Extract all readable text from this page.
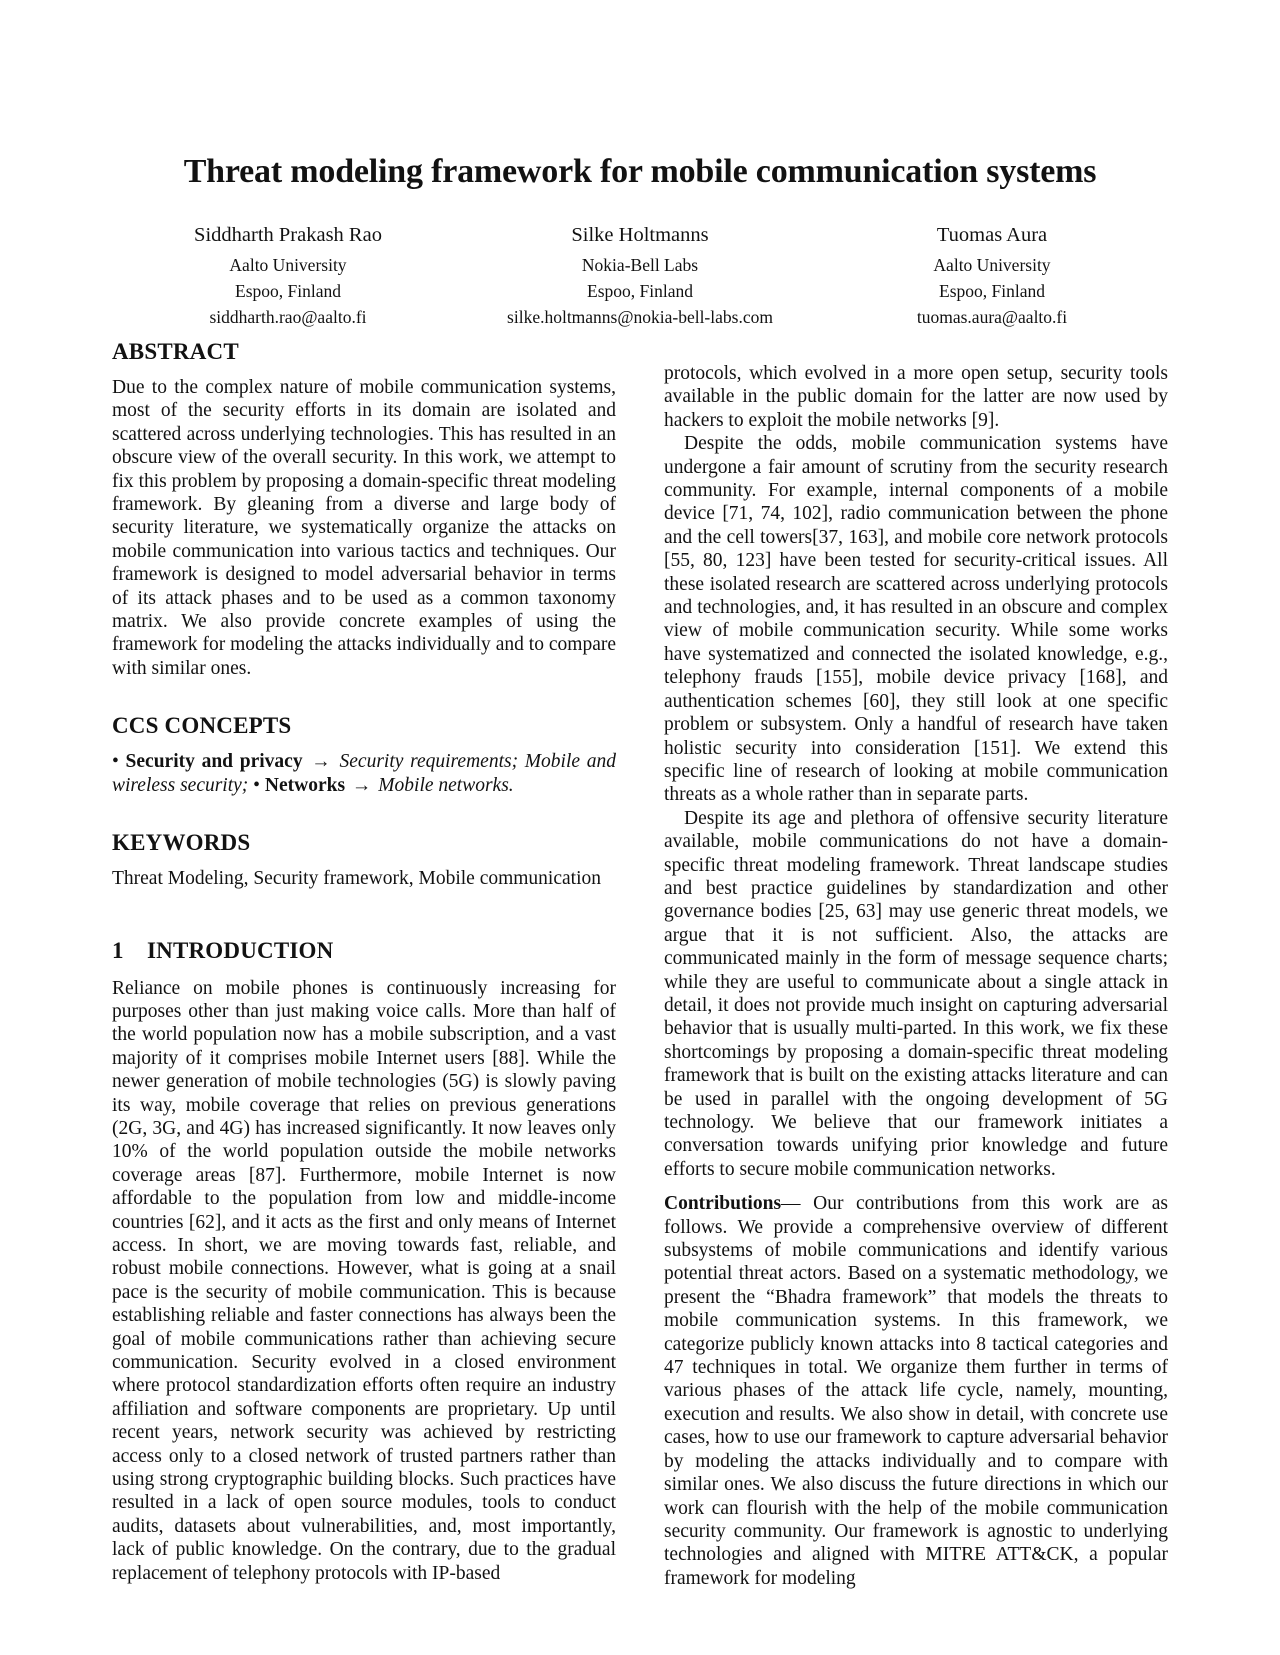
Threat modeling framework for mobile communication systems
Siddharth Prakash Rao
Aalto University
Espoo, Finland
siddharth.rao@aalto.fi
Silke Holtmanns
Nokia-Bell Labs
Espoo, Finland
silke.holtmanns@nokia-bell-labs.com
Tuomas Aura
Aalto University
Espoo, Finland
tuomas.aura@aalto.fi
ABSTRACT

Due to the complex nature of mobile communication systems, most of the security efforts in its domain are isolated and scattered across underlying technologies. This has resulted in an obscure view of the overall security. In this work, we attempt to fix this problem by proposing a domain-specific threat modeling framework. By gleaning from a diverse and large body of security literature, we systematically organize the attacks on mobile communication into various tactics and techniques. Our framework is designed to model adversarial behavior in terms of its attack phases and to be used as a common taxonomy matrix. We also provide concrete examples of using the framework for modeling the attacks individually and to compare with similar ones.

CCS CONCEPTS

• Security and privacy → Security requirements; Mobile and wireless security; • Networks → Mobile networks.

KEYWORDS

Threat Modeling, Security framework, Mobile communication

1 INTRODUCTION

Reliance on mobile phones is continuously increasing for purposes other than just making voice calls. More than half of the world population now has a mobile subscription, and a vast majority of it comprises mobile Internet users [88]. While the newer generation of mobile technologies (5G) is slowly paving its way, mobile coverage that relies on previous generations (2G, 3G, and 4G) has increased significantly. It now leaves only 10% of the world population outside the mobile networks coverage areas [87]. Furthermore, mobile Internet is now affordable to the population from low and middle-income countries [62], and it acts as the first and only means of Internet access. In short, we are moving towards fast, reliable, and robust mobile connections. However, what is going at a snail pace is the security of mobile communication. This is because establishing reliable and faster connections has always been the goal of mobile communications rather than achieving secure communication. Security evolved in a closed environment where protocol standardization efforts often require an industry affiliation and software components are proprietary. Up until recent years, network security was achieved by restricting access only to a closed network of trusted partners rather than using strong cryptographic building blocks. Such practices have resulted in a lack of open source modules, tools to conduct audits, datasets about vulnerabilities, and, most importantly, lack of public knowledge. On the contrary, due to the gradual replacement of telephony protocols with IP-based

protocols, which evolved in a more open setup, security tools available in the public domain for the latter are now used by hackers to exploit the mobile networks [9].

Despite the odds, mobile communication systems have undergone a fair amount of scrutiny from the security research community. For example, internal components of a mobile device [71, 74, 102], radio communication between the phone and the cell towers[37, 163], and mobile core network protocols [55, 80, 123] have been tested for security-critical issues. All these isolated research are scattered across underlying protocols and technologies, and, it has resulted in an obscure and complex view of mobile communication security. While some works have systematized and connected the isolated knowledge, e.g., telephony frauds [155], mobile device privacy [168], and authentication schemes [60], they still look at one specific problem or subsystem. Only a handful of research have taken holistic security into consideration [151]. We extend this specific line of research of looking at mobile communication threats as a whole rather than in separate parts.

Despite its age and plethora of offensive security literature available, mobile communications do not have a domain-specific threat modeling framework. Threat landscape studies and best practice guidelines by standardization and other governance bodies [25, 63] may use generic threat models, we argue that it is not sufficient. Also, the attacks are communicated mainly in the form of message sequence charts; while they are useful to communicate about a single attack in detail, it does not provide much insight on capturing adversarial behavior that is usually multi-parted. In this work, we fix these shortcomings by proposing a domain-specific threat modeling framework that is built on the existing attacks literature and can be used in parallel with the ongoing development of 5G technology. We believe that our framework initiates a conversation towards unifying prior knowledge and future efforts to secure mobile communication networks.

Contributions— Our contributions from this work are as follows. We provide a comprehensive overview of different subsystems of mobile communications and identify various potential threat actors. Based on a systematic methodology, we present the “Bhadra framework” that models the threats to mobile communication systems. In this framework, we categorize publicly known attacks into 8 tactical categories and 47 techniques in total. We organize them further in terms of various phases of the attack life cycle, namely, mounting, execution and results. We also show in detail, with concrete use cases, how to use our framework to capture adversarial behavior by modeling the attacks individually and to compare with similar ones. We also discuss the future directions in which our work can flourish with the help of the mobile communication security community. Our framework is agnostic to underlying technologies and aligned with MITRE ATT&CK, a popular framework for modeling
